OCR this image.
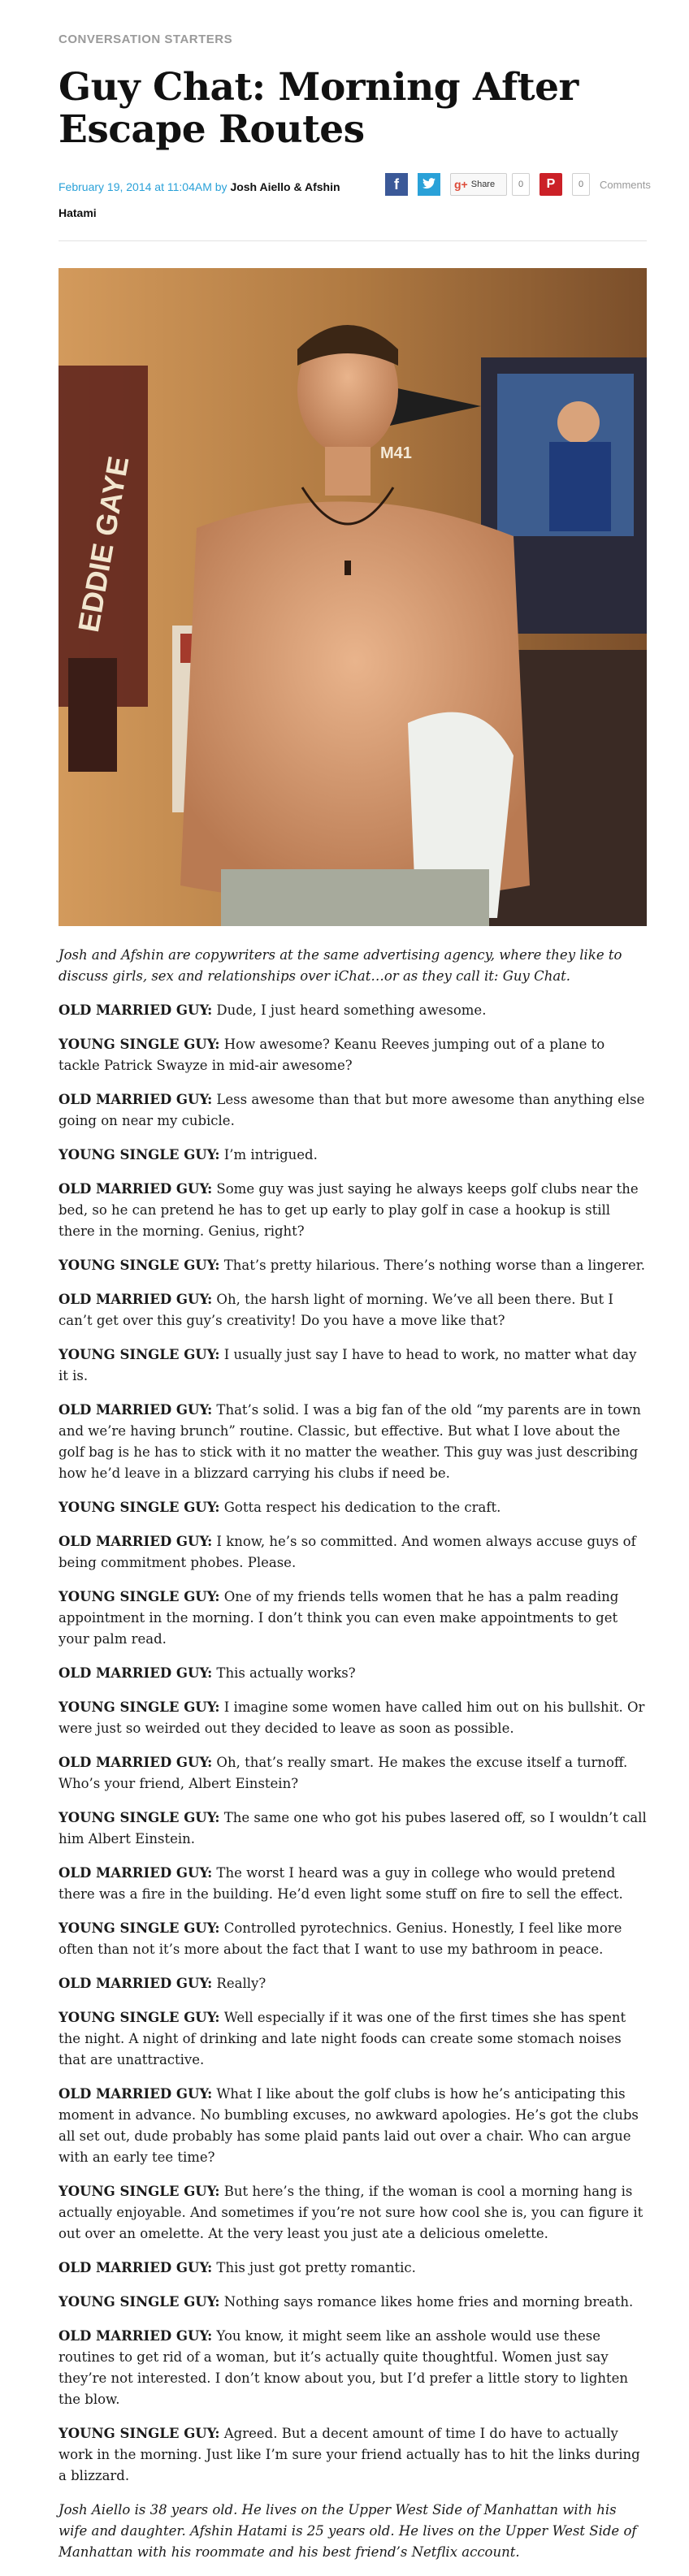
CONVERSATION STARTERS
Guy Chat: Morning After Escape Routes
February 19, 2014 at 11:04AM by Josh Aiello & Afshin Hatami
f	g+ Share	0	P	0	Comments
M41
EDDIE GAYE

Josh and Afshin are copywriters at the same advertising agency, where they like to discuss girls, sex and relationships over iChat…or as they call it: Guy Chat.

OLD MARRIED GUY: Dude, I just heard something awesome.

YOUNG SINGLE GUY: How awesome? Keanu Reeves jumping out of a plane to tackle Patrick Swayze in mid-air awesome?

OLD MARRIED GUY: Less awesome than that but more awesome than anything else going on near my cubicle.

YOUNG SINGLE GUY: I’m intrigued.

OLD MARRIED GUY: Some guy was just saying he always keeps golf clubs near the bed, so he can pretend he has to get up early to play golf in case a hookup is still there in the morning. Genius, right?

YOUNG SINGLE GUY: That’s pretty hilarious. There’s nothing worse than a lingerer.

OLD MARRIED GUY: Oh, the harsh light of morning. We’ve all been there. But I can’t get over this guy’s creativity! Do you have a move like that?

YOUNG SINGLE GUY: I usually just say I have to head to work, no matter what day it is.

OLD MARRIED GUY: That’s solid. I was a big fan of the old “my parents are in town and we’re having brunch” routine. Classic, but effective. But what I love about the golf bag is he has to stick with it no matter the weather. This guy was just describing how he’d leave in a blizzard carrying his clubs if need be.

YOUNG SINGLE GUY: Gotta respect his dedication to the craft.

OLD MARRIED GUY: I know, he’s so committed. And women always accuse guys of being commitment phobes. Please.

YOUNG SINGLE GUY: One of my friends tells women that he has a palm reading appointment in the morning. I don’t think you can even make appointments to get your palm read.

OLD MARRIED GUY: This actually works?

YOUNG SINGLE GUY: I imagine some women have called him out on his bullshit. Or were just so weirded out they decided to leave as soon as possible.

OLD MARRIED GUY: Oh, that’s really smart. He makes the excuse itself a turnoff. Who’s your friend, Albert Einstein?

YOUNG SINGLE GUY: The same one who got his pubes lasered off, so I wouldn’t call him Albert Einstein.

OLD MARRIED GUY: The worst I heard was a guy in college who would pretend there was a fire in the building. He’d even light some stuff on fire to sell the effect.

YOUNG SINGLE GUY: Controlled pyrotechnics. Genius. Honestly, I feel like more often than not it’s more about the fact that I want to use my bathroom in peace.

OLD MARRIED GUY: Really?

YOUNG SINGLE GUY: Well especially if it was one of the first times she has spent the night. A night of drinking and late night foods can create some stomach noises that are unattractive.

OLD MARRIED GUY: What I like about the golf clubs is how he’s anticipating this moment in advance. No bumbling excuses, no awkward apologies. He’s got the clubs all set out, dude probably has some plaid pants laid out over a chair. Who can argue with an early tee time?

YOUNG SINGLE GUY: But here’s the thing, if the woman is cool a morning hang is actually enjoyable. And sometimes if you’re not sure how cool she is, you can figure it out over an omelette. At the very least you just ate a delicious omelette.

OLD MARRIED GUY: This just got pretty romantic.

YOUNG SINGLE GUY: Nothing says romance likes home fries and morning breath.

OLD MARRIED GUY: You know, it might seem like an asshole would use these routines to get rid of a woman, but it’s actually quite thoughtful. Women just say they’re not interested. I don’t know about you, but I’d prefer a little story to lighten the blow.

YOUNG SINGLE GUY: Agreed. But a decent amount of time I do have to actually work in the morning. Just like I’m sure your friend actually has to hit the links during a blizzard.

Josh Aiello is 38 years old. He lives on the Upper West Side of Manhattan with his wife and daughter. Afshin Hatami is 25 years old. He lives on the Upper West Side of Manhattan with his roommate and his best friend’s Netflix account.
